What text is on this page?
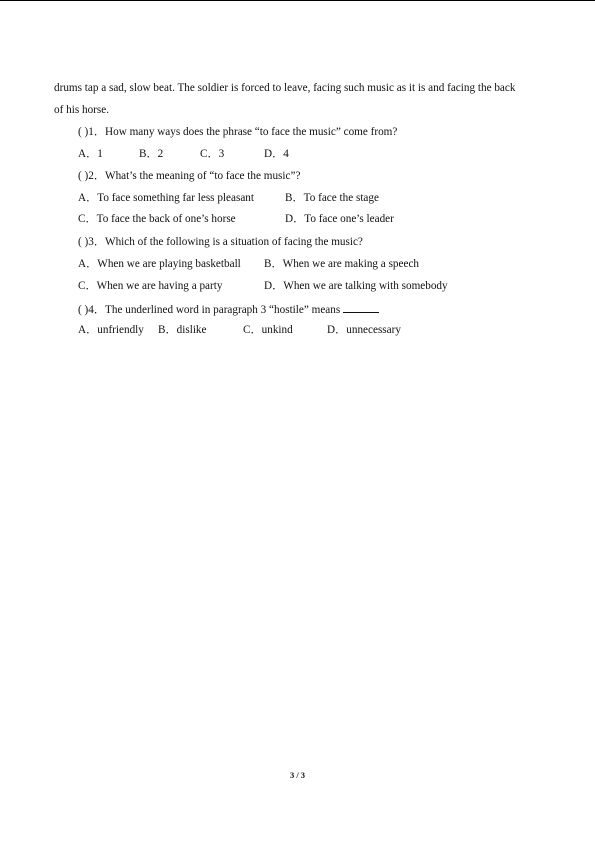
drums tap a sad, slow beat. The soldier is forced to leave, facing such music as it is and facing the back
of his horse.
( )1．How many ways does the phrase “to face the music” come from?
A．1	B．2	C．3	D．4
( )2．What’s the meaning of “to face the music”?
A．To face something far less pleasant	B．To face the stage
C．To face the back of one’s horse	D．To face one’s leader
( )3．Which of the following is a situation of facing the music?
A．When we are playing basketball B．When we are making a speech
C．When we are having a party	D．When we are talking with somebody
( )4．The underlined word in paragraph 3 “hostile” means
A．unfriendly B．dislike	C．unkind	D．unnecessary
3 / 3
